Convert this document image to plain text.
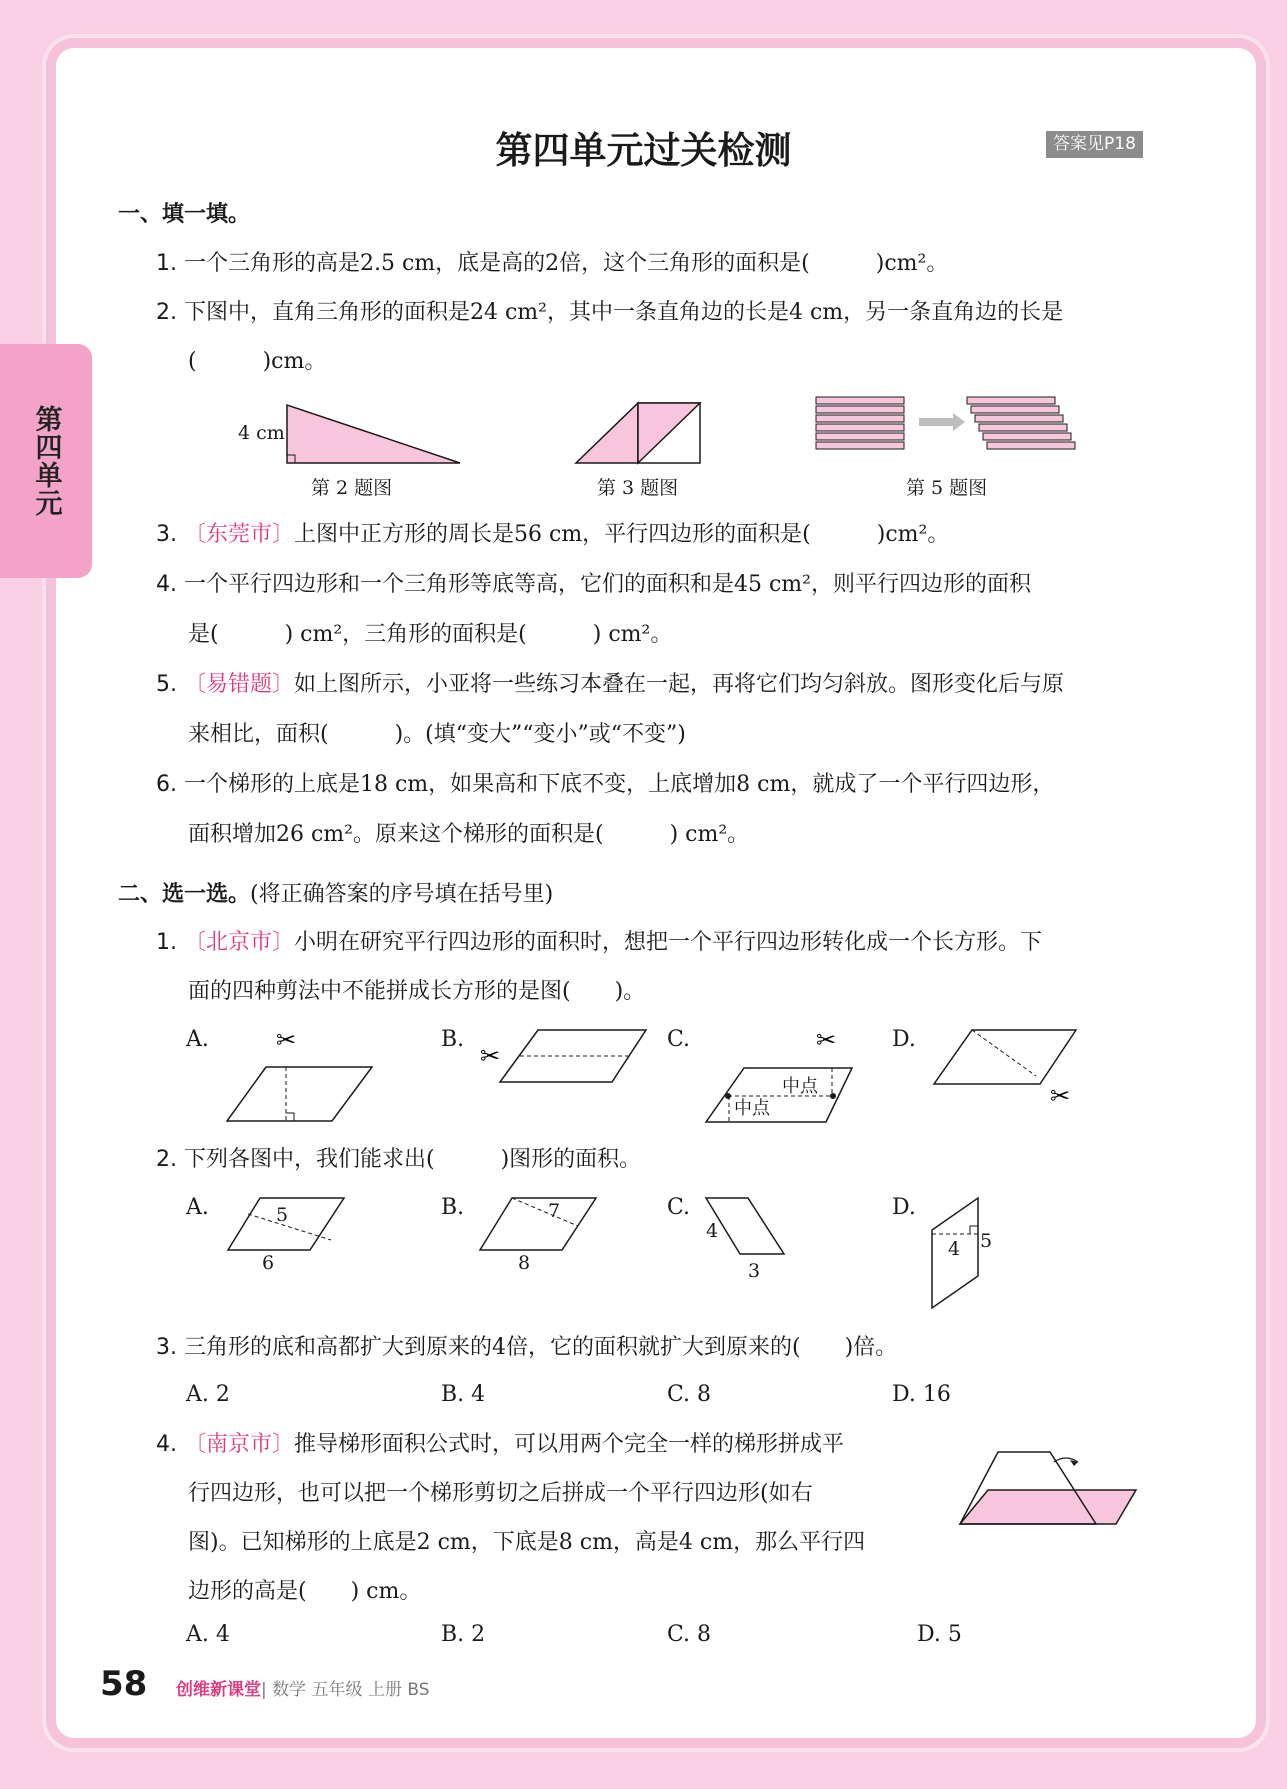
第四单元
第四单元过关检测	答案见P18
一、填一填。
1. 一个三角形的高是2.5 cm，底是高的2倍，这个三角形的面积是(　　　)cm²。
2. 下图中，直角三角形的面积是24 cm²，其中一条直角边的长是4 cm，另一条直角边的长是
(　　　)cm。
4 cm
第 2 题图	第 3 题图	第 5 题图
3. 〔东莞市〕上图中正方形的周长是56 cm，平行四边形的面积是(　　　)cm²。
4. 一个平行四边形和一个三角形等底等高，它们的面积和是45 cm²，则平行四边形的面积
是(　　　) cm²，三角形的面积是(　　　) cm²。
5. 〔易错题〕如上图所示，小亚将一些练习本叠在一起，再将它们均匀斜放。图形变化后与原
来相比，面积(　　　)。(填“变大”“变小”或“不变”)
6. 一个梯形的上底是18 cm，如果高和下底不变，上底增加8 cm，就成了一个平行四边形，
面积增加26 cm²。原来这个梯形的面积是(　　　) cm²。
二、选一选。(将正确答案的序号填在括号里)
1. 〔北京市〕小明在研究平行四边形的面积时，想把一个平行四边形转化成一个长方形。下
面的四种剪法中不能拼成长方形的是图(　　)。
A.	B.	C.	D.
✂
✂
✂
中点
中点	✂
2. 下列各图中，我们能求出(　　　)图形的面积。
A.	B.	C.	D.
5
6
7
8
4
3
4 5
3. 三角形的底和高都扩大到原来的4倍，它的面积就扩大到原来的(　　)倍。
A. 2	B. 4	C. 8	D. 16
4. 〔南京市〕推导梯形面积公式时，可以用两个完全一样的梯形拼成平
行四边形，也可以把一个梯形剪切之后拼成一个平行四边形(如右
图)。已知梯形的上底是2 cm，下底是8 cm，高是4 cm，那么平行四
边形的高是(　　) cm。
A. 4	B. 2	C. 8	D. 5
58 创维新课堂| 数学 五年级 上册 BS
